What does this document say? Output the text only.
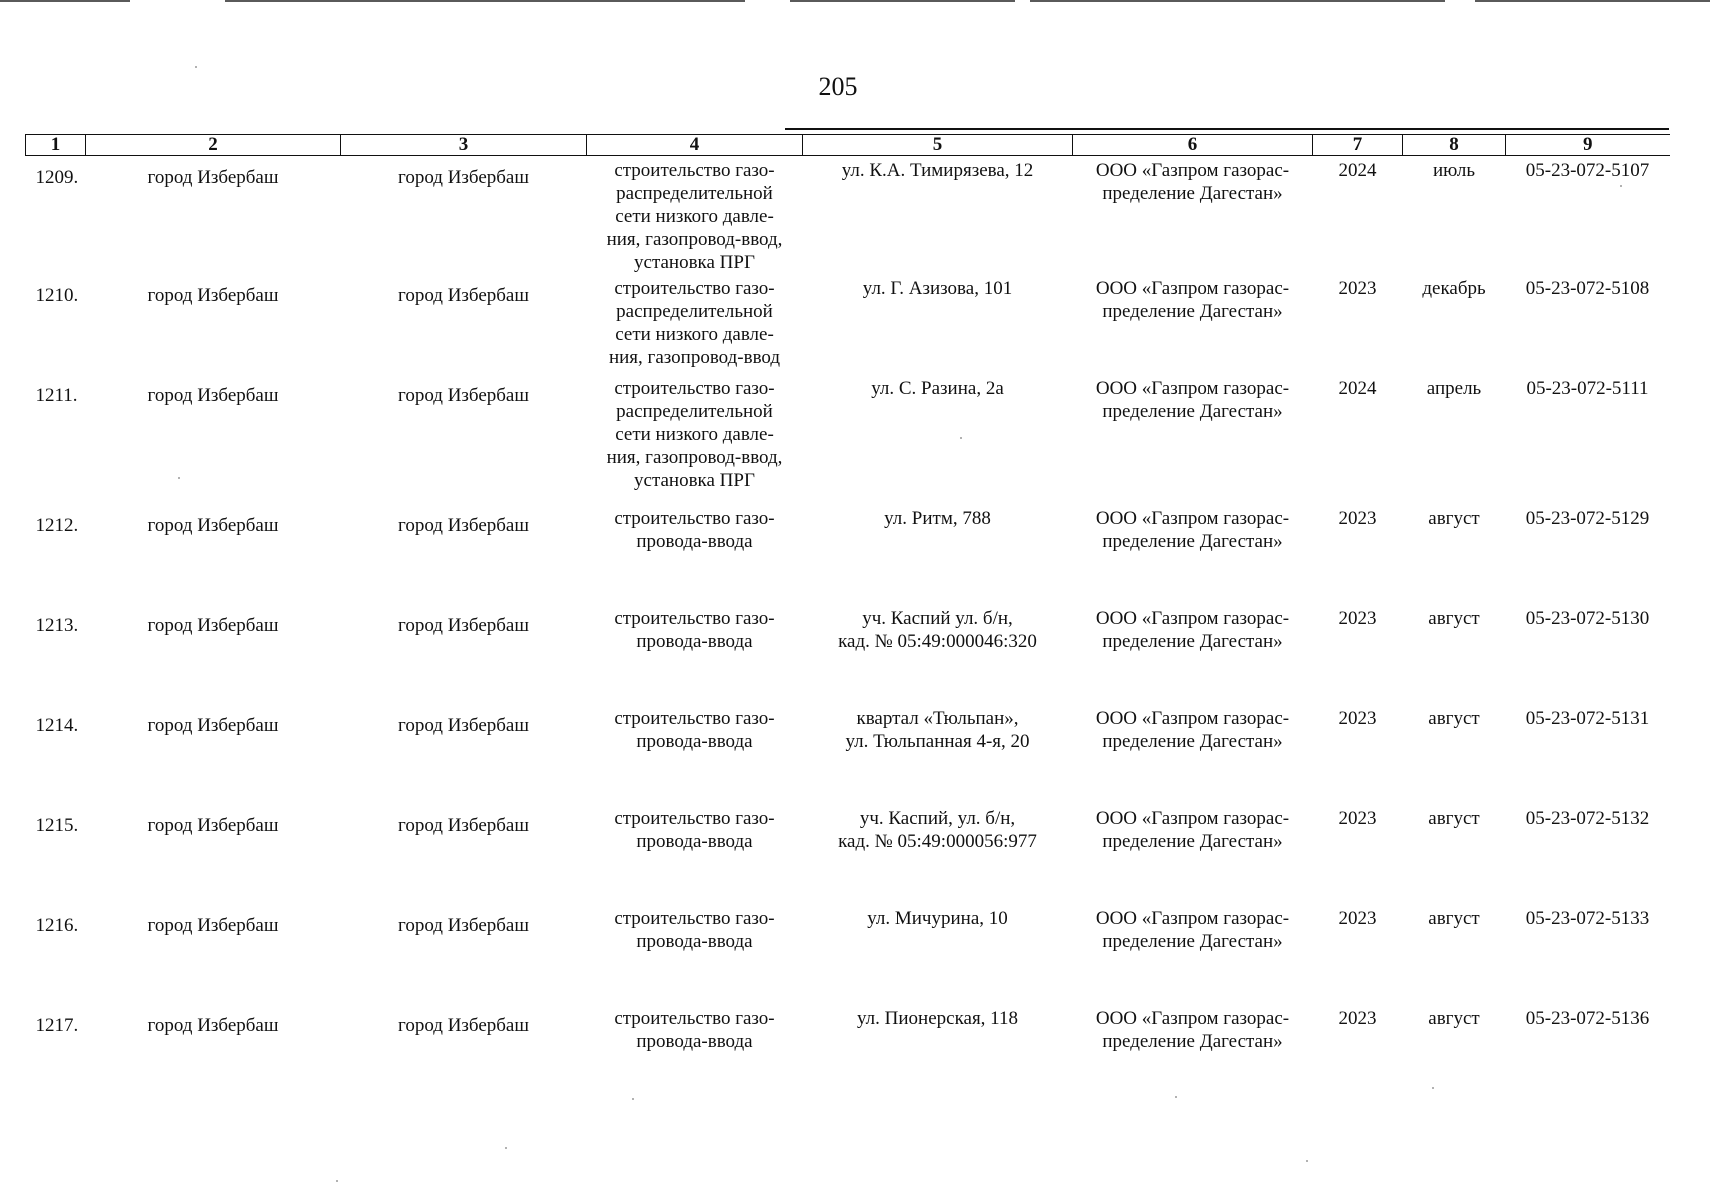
205
1	2	3	4	5	6	7	8	9
1209.	город Избербаш	город Избербаш	строительство газо-
распределительной
сети низкого давле-
ния, газопровод-ввод,
установка ПРГ	ул. К.А. Тимирязева, 12	ООО «Газпром газорас-
пределение Дагестан»	2024	июль	05-23-072-5107
1210.	город Избербаш	город Избербаш	строительство газо-
распределительной
сети низкого давле-
ния, газопровод-ввод	ул. Г. Азизова, 101	ООО «Газпром газорас-
пределение Дагестан»	2023	декабрь	05-23-072-5108
1211.	город Избербаш	город Избербаш	строительство газо-
распределительной
сети низкого давле-
ния, газопровод-ввод,
установка ПРГ	ул. С. Разина, 2а	ООО «Газпром газорас-
пределение Дагестан»	2024	апрель	05-23-072-5111
1212.	город Избербаш	город Избербаш	строительство газо-
провода-ввода	ул. Ритм, 788	ООО «Газпром газорас-
пределение Дагестан»	2023	август	05-23-072-5129
1213.	город Избербаш	город Избербаш	строительство газо-
провода-ввода	уч. Каспий ул. б/н,
кад. № 05:49:000046:320	ООО «Газпром газорас-
пределение Дагестан»	2023	август	05-23-072-5130
1214.	город Избербаш	город Избербаш	строительство газо-
провода-ввода	квартал «Тюльпан»,
ул. Тюльпанная 4-я, 20	ООО «Газпром газорас-
пределение Дагестан»	2023	август	05-23-072-5131
1215.	город Избербаш	город Избербаш	строительство газо-
провода-ввода	уч. Каспий, ул. б/н,
кад. № 05:49:000056:977	ООО «Газпром газорас-
пределение Дагестан»	2023	август	05-23-072-5132
1216.	город Избербаш	город Избербаш	строительство газо-
провода-ввода	ул. Мичурина, 10	ООО «Газпром газорас-
пределение Дагестан»	2023	август	05-23-072-5133
1217.	город Избербаш	город Избербаш	строительство газо-
провода-ввода	ул. Пионерская, 118	ООО «Газпром газорас-
пределение Дагестан»	2023	август	05-23-072-5136
